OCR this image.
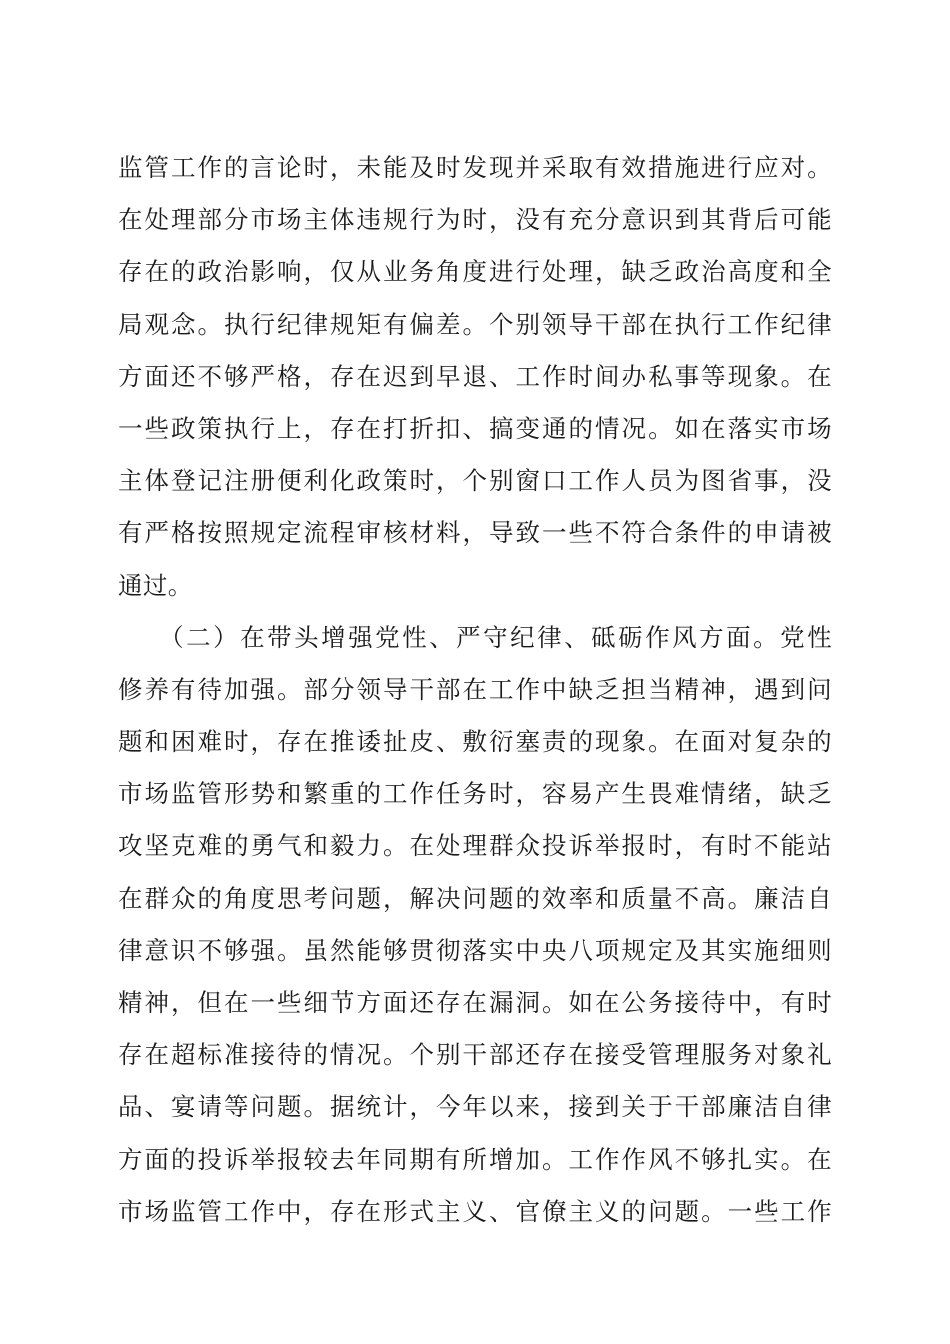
监管工作的言论时，未能及时发现并采取有效措施进行应对。
在处理部分市场主体违规行为时，没有充分意识到其背后可能
存在的政治影响，仅从业务角度进行处理，缺乏政治高度和全
局观念。执行纪律规矩有偏差。个别领导干部在执行工作纪律
方面还不够严格，存在迟到早退、工作时间办私事等现象。在
一些政策执行上，存在打折扣、搞变通的情况。如在落实市场
主体登记注册便利化政策时，个别窗口工作人员为图省事，没
有严格按照规定流程审核材料，导致一些不符合条件的申请被
通过。
（二）在带头增强党性、严守纪律、砥砺作风方面。党性
修养有待加强。部分领导干部在工作中缺乏担当精神，遇到问
题和困难时，存在推诿扯皮、敷衍塞责的现象。在面对复杂的
市场监管形势和繁重的工作任务时，容易产生畏难情绪，缺乏
攻坚克难的勇气和毅力。在处理群众投诉举报时，有时不能站
在群众的角度思考问题，解决问题的效率和质量不高。廉洁自
律意识不够强。虽然能够贯彻落实中央八项规定及其实施细则
精神，但在一些细节方面还存在漏洞。如在公务接待中，有时
存在超标准接待的情况。个别干部还存在接受管理服务对象礼
品、宴请等问题。据统计，今年以来，接到关于干部廉洁自律
方面的投诉举报较去年同期有所增加。工作作风不够扎实。在
市场监管工作中，存在形式主义、官僚主义的问题。一些工作
